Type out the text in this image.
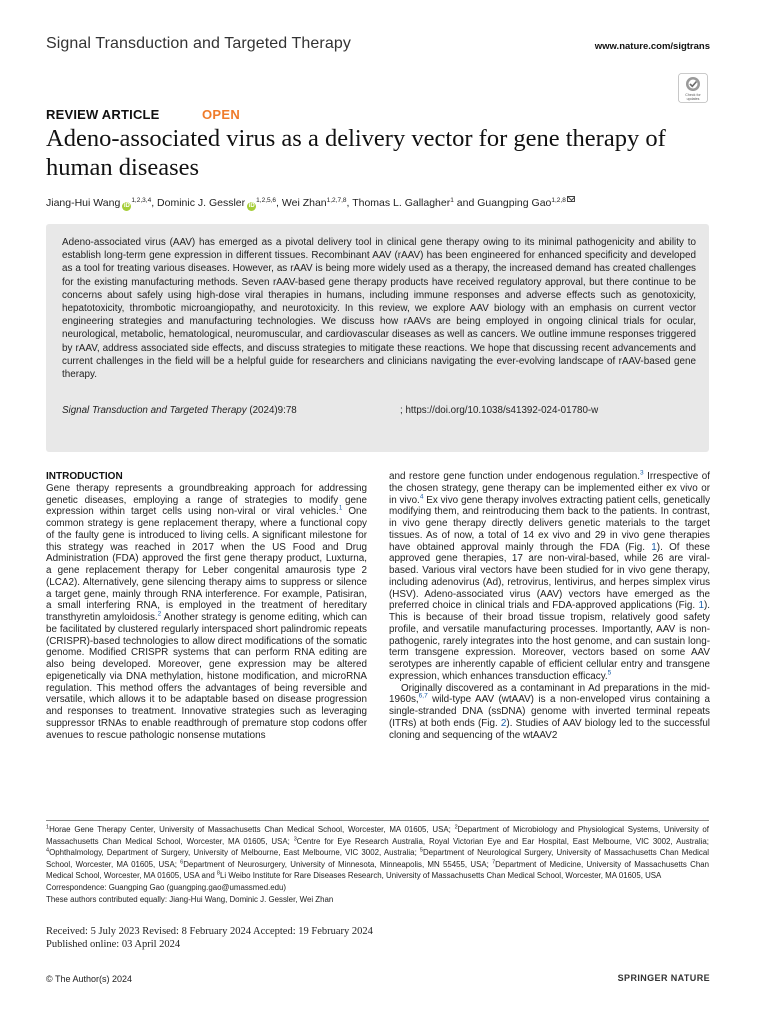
Signal Transduction and Targeted Therapy	www.nature.com/sigtrans
Check for
updates
REVIEW ARTICLE	OPEN
Adeno-associated virus as a delivery vector for gene therapy of human diseases
Jiang-Hui Wang iD$^{1,2,3,4}$, Dominic J. Gessler iD$^{1,2,5,6}$, Wei Zhan$^{1,2,7,8}$, Thomas L. Gallagher$^1$ and Guangping Gao$^{1,2,8}$
Adeno-associated virus (AAV) has emerged as a pivotal delivery tool in clinical gene therapy owing to its minimal pathogenicity and ability to establish long-term gene expression in different tissues. Recombinant AAV (rAAV) has been engineered for enhanced specificity and developed as a tool for treating various diseases. However, as rAAV is being more widely used as a therapy, the increased demand has created challenges for the existing manufacturing methods. Seven rAAV-based gene therapy products have received regulatory approval, but there continue to be concerns about safely using high-dose viral therapies in humans, including immune responses and adverse effects such as genotoxicity, hepatotoxicity, thrombotic microangiopathy, and neurotoxicity. In this review, we explore AAV biology with an emphasis on current vector engineering strategies and manufacturing technologies. We discuss how rAAVs are being employed in ongoing clinical trials for ocular, neurological, metabolic, hematological, neuromuscular, and cardiovascular diseases as well as cancers. We outline immune responses triggered by rAAV, address associated side effects, and discuss strategies to mitigate these reactions. We hope that discussing recent advancements and current challenges in the field will be a helpful guide for researchers and clinicians navigating the ever-evolving landscape of rAAV-based gene therapy.
Signal Transduction and Targeted Therapy (2024)9:78	; https://doi.org/10.1038/s41392-024-01780-w
INTRODUCTION

Gene therapy represents a groundbreaking approach for addressing genetic diseases, employing a range of strategies to modify gene expression within target cells using non-viral or viral vehicles.$^1$ One common strategy is gene replacement therapy, where a functional copy of the faulty gene is introduced to living cells. A significant milestone for this strategy was reached in 2017 when the US Food and Drug Administration (FDA) approved the first gene therapy product, Luxturna, a gene replacement therapy for Leber congenital amaurosis type 2 (LCA2). Alternatively, gene silencing therapy aims to suppress or silence a target gene, mainly through RNA interference. For example, Patisiran, a small interfering RNA, is employed in the treatment of hereditary transthyretin amyloidosis.$^2$ Another strategy is genome editing, which can be facilitated by clustered regularly interspaced short palindromic repeats (CRISPR)-based technologies to allow direct modifications of the somatic genome. Modified CRISPR systems that can perform RNA editing are also being developed. Moreover, gene expression may be altered epigenetically via DNA methylation, histone modification, and microRNA regulation. This method offers the advantages of being reversible and versatile, which allows it to be adaptable based on disease progression and responses to treatment. Innovative strategies such as leveraging suppressor tRNAs to enable readthrough of premature stop codons offer avenues to rescue pathologic nonsense mutations

and restore gene function under endogenous regulation.$^3$ Irrespective of the chosen strategy, gene therapy can be implemented either ex vivo or in vivo.$^4$ Ex vivo gene therapy involves extracting patient cells, genetically modifying them, and reintroducing them back to the patients. In contrast, in vivo gene therapy directly delivers genetic materials to the target tissues. As of now, a total of 14 ex vivo and 29 in vivo gene therapies have obtained approval mainly through the FDA (Fig. 1). Of these approved gene therapies, 17 are non-viral-based, while 26 are viral-based. Various viral vectors have been studied for in vivo gene therapy, including adenovirus (Ad), retrovirus, lentivirus, and herpes simplex virus (HSV). Adeno-associated virus (AAV) vectors have emerged as the preferred choice in clinical trials and FDA-approved applications (Fig. 1). This is because of their broad tissue tropism, relatively good safety profile, and versatile manufacturing processes. Importantly, AAV is non-pathogenic, rarely integrates into the host genome, and can sustain long-term transgene expression. Moreover, vectors based on some AAV serotypes are inherently capable of efficient cellular entry and transgene expression, which enhances transduction efficacy.$^5$

Originally discovered as a contaminant in Ad preparations in the mid-1960s,$^{6,7}$ wild-type AAV (wtAAV) is a non-enveloped virus containing a single-stranded DNA (ssDNA) genome with inverted terminal repeats (ITRs) at both ends (Fig. 2). Studies of AAV biology led to the successful cloning and sequencing of the wtAAV2

$^1$Horae Gene Therapy Center, University of Massachusetts Chan Medical School, Worcester, MA 01605, USA; $^2$Department of Microbiology and Physiological Systems, University of Massachusetts Chan Medical School, Worcester, MA 01605, USA; $^3$Centre for Eye Research Australia, Royal Victorian Eye and Ear Hospital, East Melbourne, VIC 3002, Australia; $^4$Ophthalmology, Department of Surgery, University of Melbourne, East Melbourne, VIC 3002, Australia; $^5$Department of Neurological Surgery, University of Massachusetts Chan Medical School, Worcester, MA 01605, USA; $^6$Department of Neurosurgery, University of Minnesota, Minneapolis, MN 55455, USA; $^7$Department of Medicine, University of Massachusetts Chan Medical School, Worcester, MA 01605, USA and $^8$Li Weibo Institute for Rare Diseases Research, University of Massachusetts Chan Medical School, Worcester, MA 01605, USA

Correspondence: Guangping Gao (guangping.gao@umassmed.edu)

These authors contributed equally: Jiang-Hui Wang, Dominic J. Gessler, Wei Zhan

Received: 5 July 2023 Revised: 8 February 2024 Accepted: 19 February 2024

Published online: 03 April 2024

© The Author(s) 2024	SPRINGER NATURE
